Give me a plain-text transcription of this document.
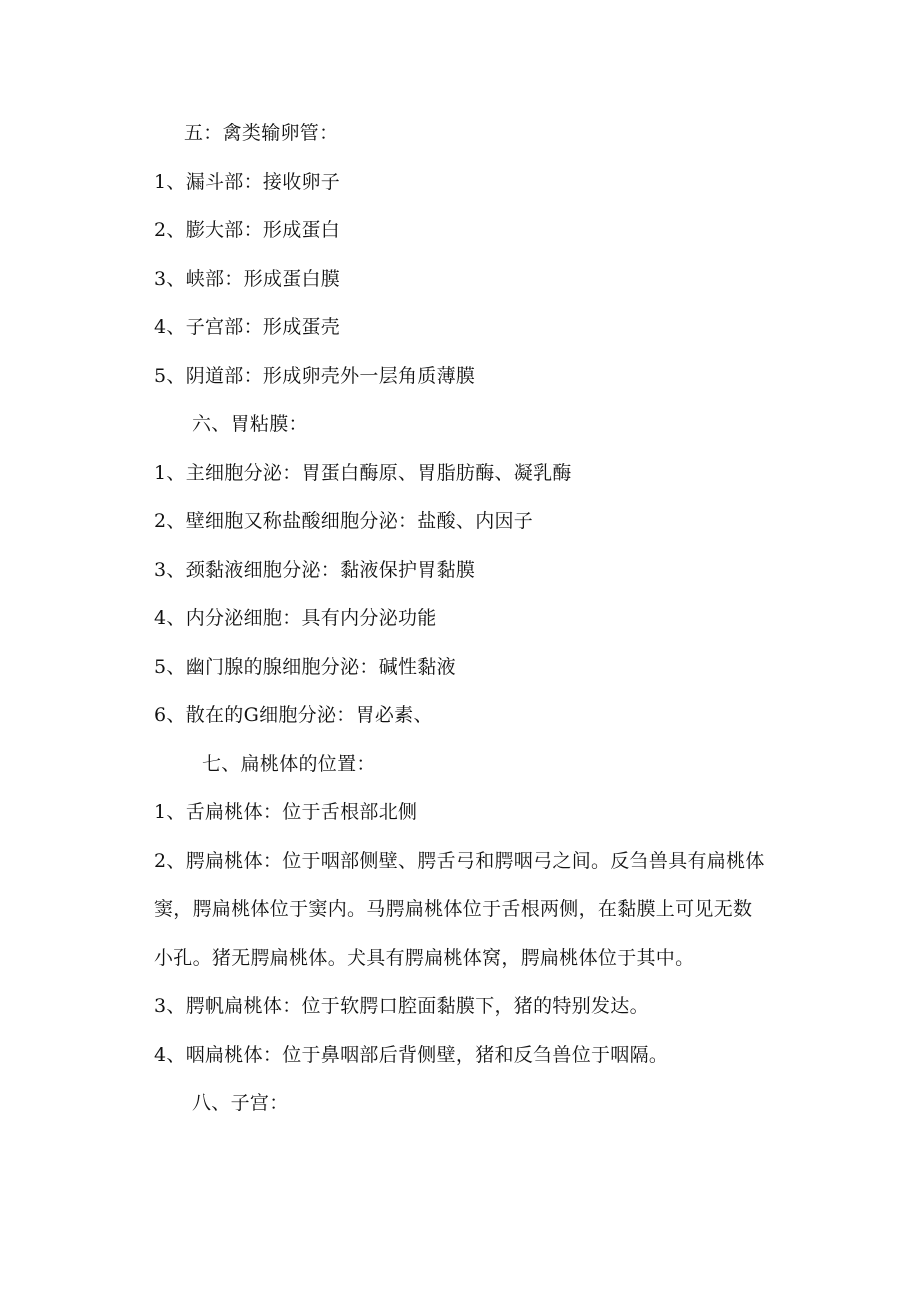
五：禽类输卵管：
1、漏斗部：接收卵子
2、膨大部：形成蛋白
3、峡部：形成蛋白膜
4、子宫部：形成蛋壳
5、阴道部：形成卵壳外一层角质薄膜
六、胃粘膜：
1、主细胞分泌：胃蛋白酶原、胃脂肪酶、凝乳酶
2、壁细胞又称盐酸细胞分泌：盐酸、内因子
3、颈黏液细胞分泌：黏液保护胃黏膜
4、内分泌细胞：具有内分泌功能
5、幽门腺的腺细胞分泌：碱性黏液
6、散在的G细胞分泌：胃必素、
七、扁桃体的位置：
1、舌扁桃体：位于舌根部北侧
2、腭扁桃体：位于咽部侧壁、腭舌弓和腭咽弓之间。反刍兽具有扁桃体
窦，腭扁桃体位于窦内。马腭扁桃体位于舌根两侧，在黏膜上可见无数
小孔。猪无腭扁桃体。犬具有腭扁桃体窝，腭扁桃体位于其中。
3、腭帆扁桃体：位于软腭口腔面黏膜下，猪的特别发达。
4、咽扁桃体：位于鼻咽部后背侧壁，猪和反刍兽位于咽隔。
八、子宫：
